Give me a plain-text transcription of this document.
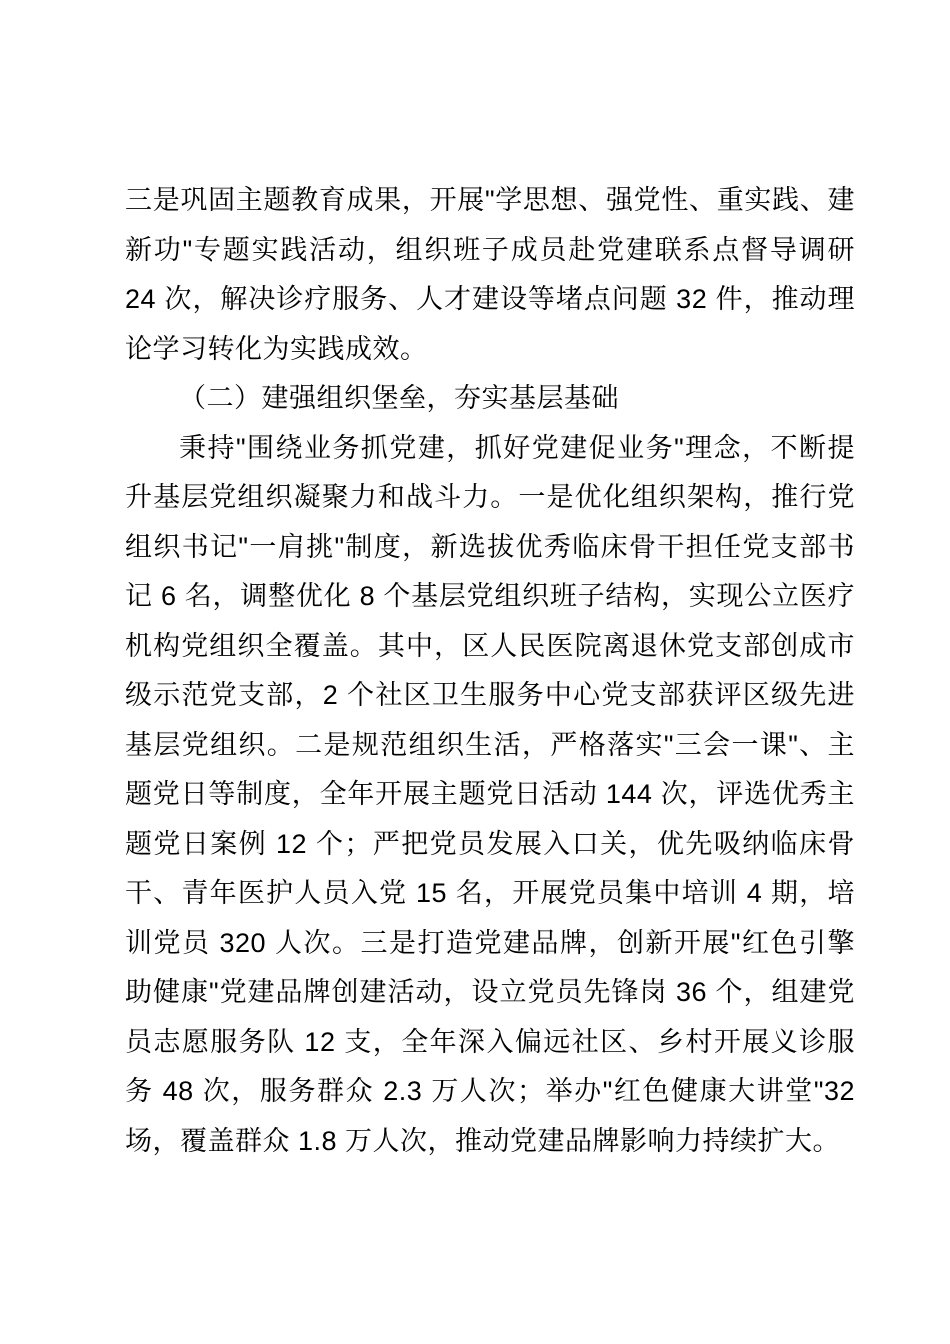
三是巩固主题教育成果，开展"学思想、强党性、重实践、建新功"专题实践活动，组织班子成员赴党建联系点督导调研 24 次，解决诊疗服务、人才建设等堵点问题 32 件，推动理论学习转化为实践成效。

（二）建强组织堡垒，夯实基层基础

秉持"围绕业务抓党建，抓好党建促业务"理念，不断提升基层党组织凝聚力和战斗力。一是优化组织架构，推行党组织书记"一肩挑"制度，新选拔优秀临床骨干担任党支部书记 6 名，调整优化 8 个基层党组织班子结构，实现公立医疗机构党组织全覆盖。其中，区人民医院离退休党支部创成市级示范党支部，2 个社区卫生服务中心党支部获评区级先进基层党组织。二是规范组织生活，严格落实"三会一课"、主题党日等制度，全年开展主题党日活动 144 次，评选优秀主题党日案例 12 个；严把党员发展入口关，优先吸纳临床骨干、青年医护人员入党 15 名，开展党员集中培训 4 期，培训党员 320 人次。三是打造党建品牌，创新开展"红色引擎助健康"党建品牌创建活动，设立党员先锋岗 36 个，组建党员志愿服务队 12 支，全年深入偏远社区、乡村开展义诊服务 48 次，服务群众 2.3 万人次；举办"红色健康大讲堂"32 场，覆盖群众 1.8 万人次，推动党建品牌影响力持续扩大。
